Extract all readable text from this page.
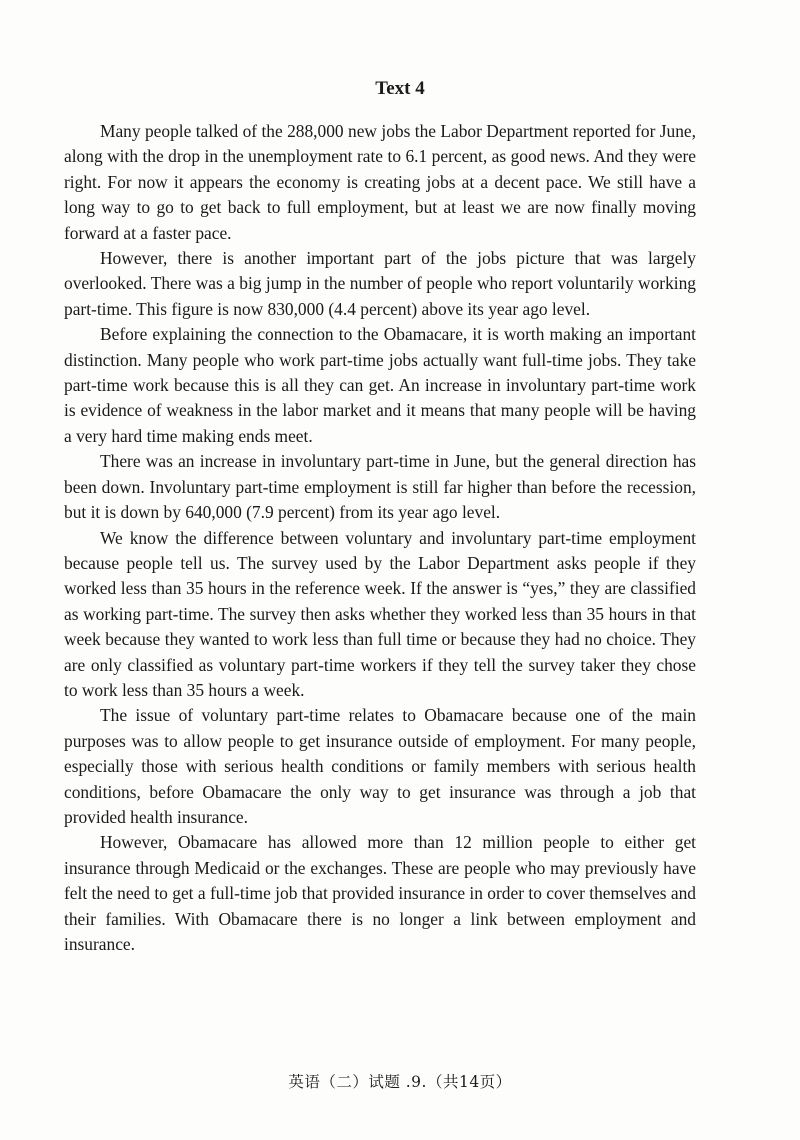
Text 4

Many people talked of the 288,000 new jobs the Labor Department reported for June, along with the drop in the unemployment rate to 6.1 percent, as good news. And they were right. For now it appears the economy is creating jobs at a decent pace. We still have a long way to go to get back to full employment, but at least we are now finally moving forward at a faster pace.

However, there is another important part of the jobs picture that was largely overlooked. There was a big jump in the number of people who report voluntarily working part-time. This figure is now 830,000 (4.4 percent) above its year ago level.

Before explaining the connection to the Obamacare, it is worth making an important distinction. Many people who work part-time jobs actually want full-time jobs. They take part-time work because this is all they can get. An increase in involuntary part-time work is evidence of weakness in the labor market and it means that many people will be having a very hard time making ends meet.

There was an increase in involuntary part-time in June, but the general direction has been down. Involuntary part-time employment is still far higher than before the recession, but it is down by 640,000 (7.9 percent) from its year ago level.

We know the difference between voluntary and involuntary part-time employment because people tell us. The survey used by the Labor Department asks people if they worked less than 35 hours in the reference week. If the answer is “yes,” they are classified as working part-time. The survey then asks whether they worked less than 35 hours in that week because they wanted to work less than full time or because they had no choice. They are only classified as voluntary part-time workers if they tell the survey taker they chose to work less than 35 hours a week.

The issue of voluntary part-time relates to Obamacare because one of the main purposes was to allow people to get insurance outside of employment. For many people, especially those with serious health conditions or family members with serious health conditions, before Obamacare the only way to get insurance was through a job that provided health insurance.

However, Obamacare has allowed more than 12 million people to either get insurance through Medicaid or the exchanges. These are people who may previously have felt the need to get a full-time job that provided insurance in order to cover themselves and their families. With Obamacare there is no longer a link between employment and insurance.

英语（二）试题 .9.（共14页）
